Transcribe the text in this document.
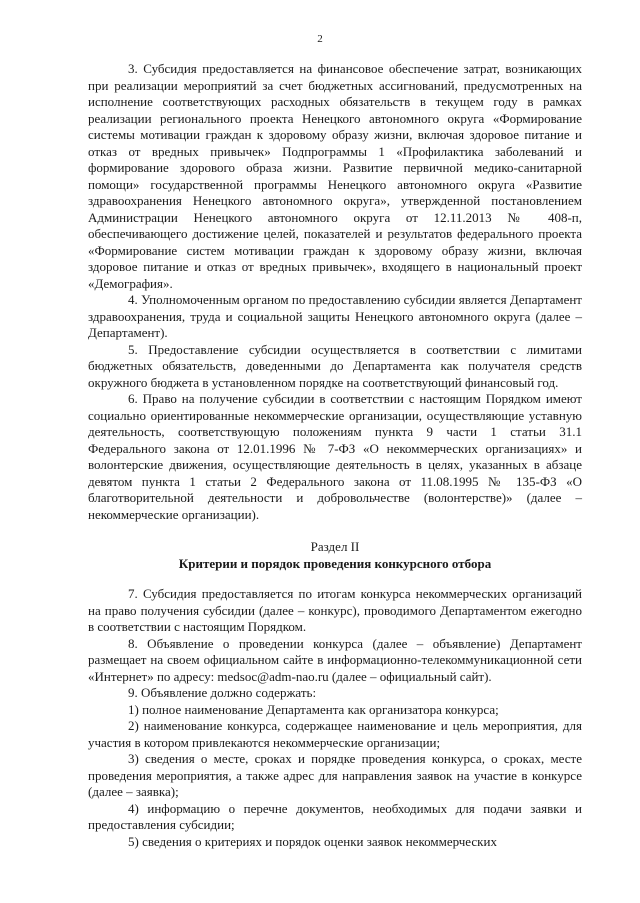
2

3. Субсидия предоставляется на финансовое обеспечение затрат, возникающих при реализации мероприятий за счет бюджетных ассигнований, предусмотренных на исполнение соответствующих расходных обязательств в текущем году в рамках реализации регионального проекта Ненецкого автономного округа «Формирование системы мотивации граждан к здоровому образу жизни, включая здоровое питание и отказ от вредных привычек» Подпрограммы 1 «Профилактика заболеваний и формирование здорового образа жизни. Развитие первичной медико-санитарной помощи» государственной программы Ненецкого автономного округа «Развитие здравоохранения Ненецкого автономного округа», утвержденной постановлением Администрации Ненецкого автономного округа от 12.11.2013 № 408-п, обеспечивающего достижение целей, показателей и результатов федерального проекта «Формирование систем мотивации граждан к здоровому образу жизни, включая здоровое питание и отказ от вредных привычек», входящего в национальный проект «Демография».

4. Уполномоченным органом по предоставлению субсидии является Департамент здравоохранения, труда и социальной защиты Ненецкого автономного округа (далее – Департамент).

5. Предоставление субсидии осуществляется в соответствии с лимитами бюджетных обязательств, доведенными до Департамента как получателя средств окружного бюджета в установленном порядке на соответствующий финансовый год.

6. Право на получение субсидии в соответствии с настоящим Порядком имеют социально ориентированные некоммерческие организации, осуществляющие уставную деятельность, соответствующую положениям пункта 9 части 1 статьи 31.1 Федерального закона от 12.01.1996 № 7-ФЗ «О некоммерческих организациях» и волонтерские движения, осуществляющие деятельность в целях, указанных в абзаце девятом пункта 1 статьи 2 Федерального закона от 11.08.1995 № 135-ФЗ «О благотворительной деятельности и добровольчестве (волонтерстве)» (далее – некоммерческие организации).

Раздел II
Критерии и порядок проведения конкурсного отбора

7. Субсидия предоставляется по итогам конкурса некоммерческих организаций на право получения субсидии (далее – конкурс), проводимого Департаментом ежегодно в соответствии с настоящим Порядком.

8. Объявление о проведении конкурса (далее – объявление) Департамент размещает на своем официальном сайте в информационно-телекоммуникационной сети «Интернет» по адресу: medsoc@adm-nao.ru (далее – официальный сайт).

9. Объявление должно содержать:

1) полное наименование Департамента как организатора конкурса;

2) наименование конкурса, содержащее наименование и цель мероприятия, для участия в котором привлекаются некоммерческие организации;

3) сведения о месте, сроках и порядке проведения конкурса, о сроках, месте проведения мероприятия, а также адрес для направления заявок на участие в конкурсе (далее – заявка);

4) информацию о перечне документов, необходимых для подачи заявки и предоставления субсидии;

5) сведения о критериях и порядок оценки заявок некоммерческих
